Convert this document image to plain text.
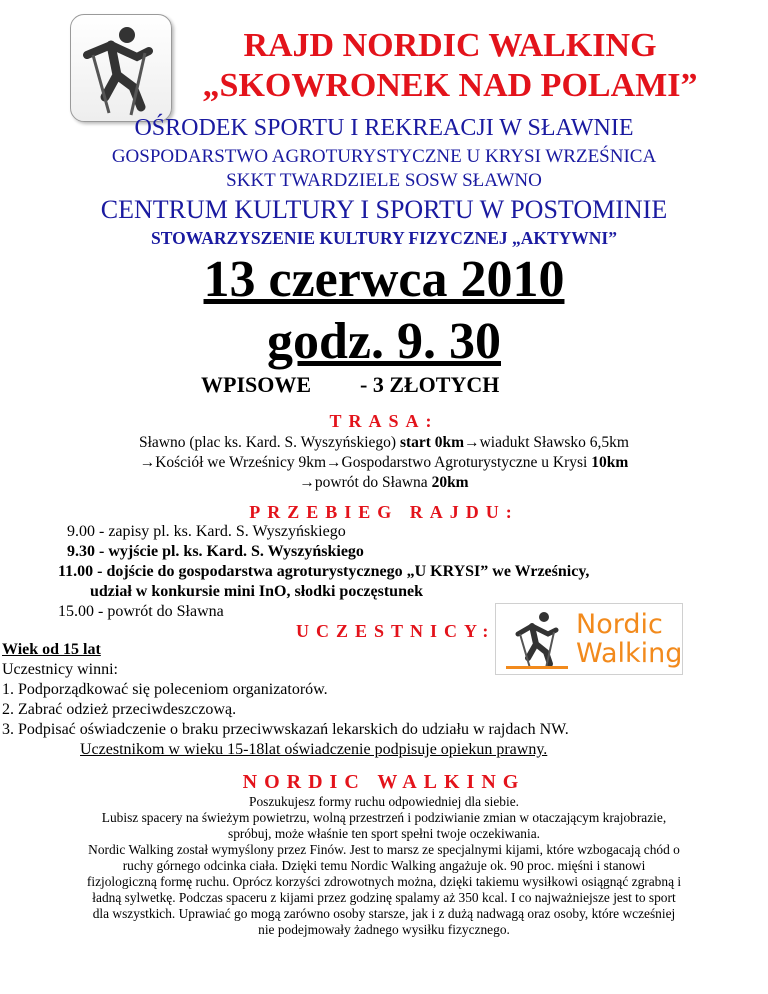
RAJD NORDIC WALKING
„SKOWRONEK NAD POLAMI”
OŚRODEK SPORTU I REKREACJI W SŁAWNIE
GOSPODARSTWO AGROTURYSTYCZNE U KRYSI WRZEŚNICA
SKKT TWARDZIELE SOSW SŁAWNO
CENTRUM KULTURY I SPORTU W POSTOMINIE
STOWARZYSZENIE KULTURY FIZYCZNEJ „AKTYWNI”
13 czerwca 2010
godz. 9. 30
WPISOWE - 3 ZŁOTYCH
TRASA:
Sławno (plac ks. Kard. S. Wyszyńskiego) start 0km→wiadukt Sławsko 6,5km
→Kościół we Wrześnicy 9km→Gospodarstwo Agroturystyczne u Krysi 10km
→powrót do Sławna 20km
PRZEBIEG RAJDU:
9.00 - zapisy pl. ks. Kard. S. Wyszyńskiego
9.30 - wyjście pl. ks. Kard. S. Wyszyńskiego
11.00 - dojście do gospodarstwa agroturystycznego „U KRYSI” we Wrześnicy,
udział w konkursie mini InO, słodki poczęstunek
15.00 - powrót do Sławna
UCZESTNICY:
Wiek od 15 lat
Uczestnicy winni:
1. Podporządkować się poleceniom organizatorów.
2. Zabrać odzież przeciwdeszczową.
3. Podpisać oświadczenie o braku przeciwwskazań lekarskich do udziału w rajdach NW.
Uczestnikom w wieku 15-18lat oświadczenie podpisuje opiekun prawny.
Nordic
Walking
NORDIC WALKING
Poszukujesz formy ruchu odpowiedniej dla siebie.
Lubisz spacery na świeżym powietrzu, wolną przestrzeń i podziwianie zmian w otaczającym krajobrazie,
spróbuj, może właśnie ten sport spełni twoje oczekiwania.
Nordic Walking został wymyślony przez Finów. Jest to marsz ze specjalnymi kijami, które wzbogacają chód o
ruchy górnego odcinka ciała. Dzięki temu Nordic Walking angażuje ok. 90 proc. mięśni i stanowi
fizjologiczną formę ruchu. Oprócz korzyści zdrowotnych można, dzięki takiemu wysiłkowi osiągnąć zgrabną i
ładną sylwetkę. Podczas spaceru z kijami przez godzinę spalamy aż 350 kcal. I co najważniejsze jest to sport
dla wszystkich. Uprawiać go mogą zarówno osoby starsze, jak i z dużą nadwagą oraz osoby, które wcześniej
nie podejmowały żadnego wysiłku fizycznego.
